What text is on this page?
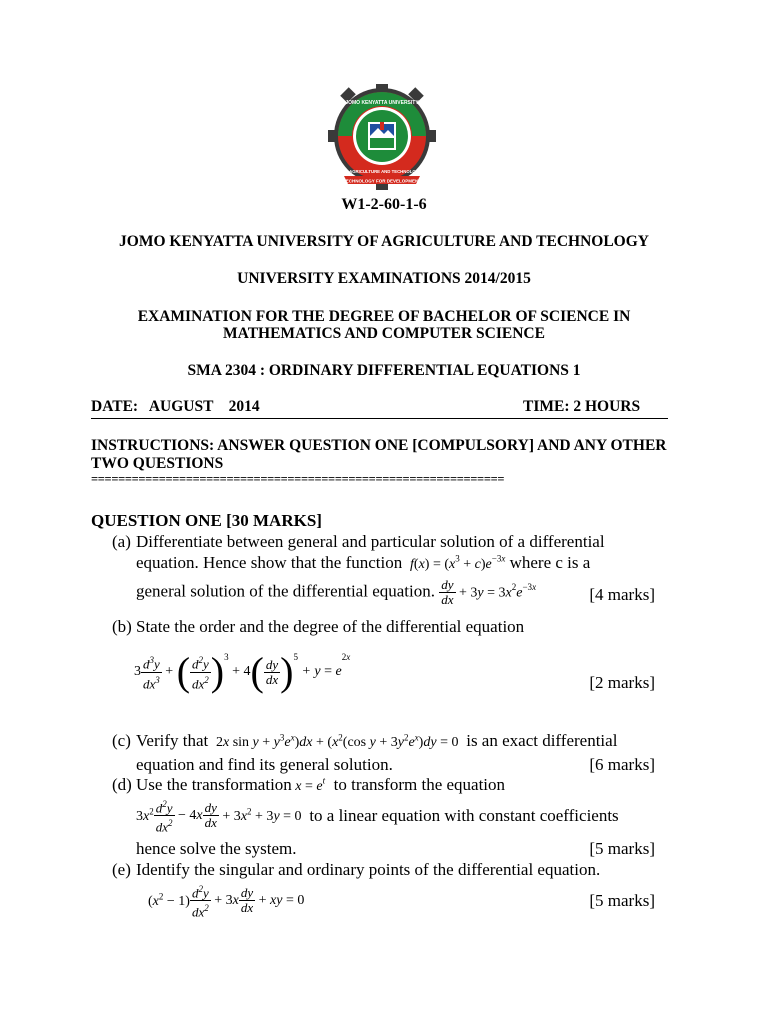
TECHNOLOGY FOR DEVELOPMENT
JOMO KENYATTA UNIVERSITY
OF AGRICULTURE AND TECHNOLOGY
W1-2-60-1-6
JOMO KENYATTA UNIVERSITY OF AGRICULTURE AND TECHNOLOGY
UNIVERSITY EXAMINATIONS 2014/2015
EXAMINATION FOR THE DEGREE OF BACHELOR OF SCIENCE IN
MATHEMATICS AND COMPUTER SCIENCE
SMA 2304 : ORDINARY DIFFERENTIAL EQUATIONS 1
DATE:   AUGUST    2014	TIME: 2 HOURS
INSTRUCTIONS: ANSWER QUESTION ONE [COMPULSORY] AND ANY OTHER
TWO QUESTIONS
=============================================================
QUESTION ONE [30 MARKS]
(a) Differentiate between general and particular solution of a differential
equation. Hence show that the function  $f(x) = (x^3 + c)e^{-3x}$ where c is a
general solution of the differential equation. $\frac{dy}{dx} + 3y = 3x^2e^{-3x}$	[4 marks]
(b) State the order and the degree of the differential equation
$3 \frac{d^3y}{dx^3}$ + ( $\frac{d^2y}{dx^2} )^3 + 4( \frac{dy}{dx} )^5 + y = e^{2x}$
[2 marks]
(c) Verify that  2x $\sin y + y^3e^x)dx + (x^2(\cos$ $y + 3y^2e^x)dy = 0$  is an exact differential
equation and find its general solution.	[6 marks]
(d) Use the transformation $x = e^t$ to transform the equation
$3x^2 \frac{d^2y}{dx^2} - 4x \frac{dy}{dx} + 3x^2 + 3y = 0$  to a linear equation with constant coefficients
hence solve the system.	[5 marks]
(e) Identify the singular and ordinary points of the differential equation.
$(x^2 - 1) \frac{d^2y}{dx^2} + 3x \frac{dy}{dx}$ + xy = 0	[5 marks]
